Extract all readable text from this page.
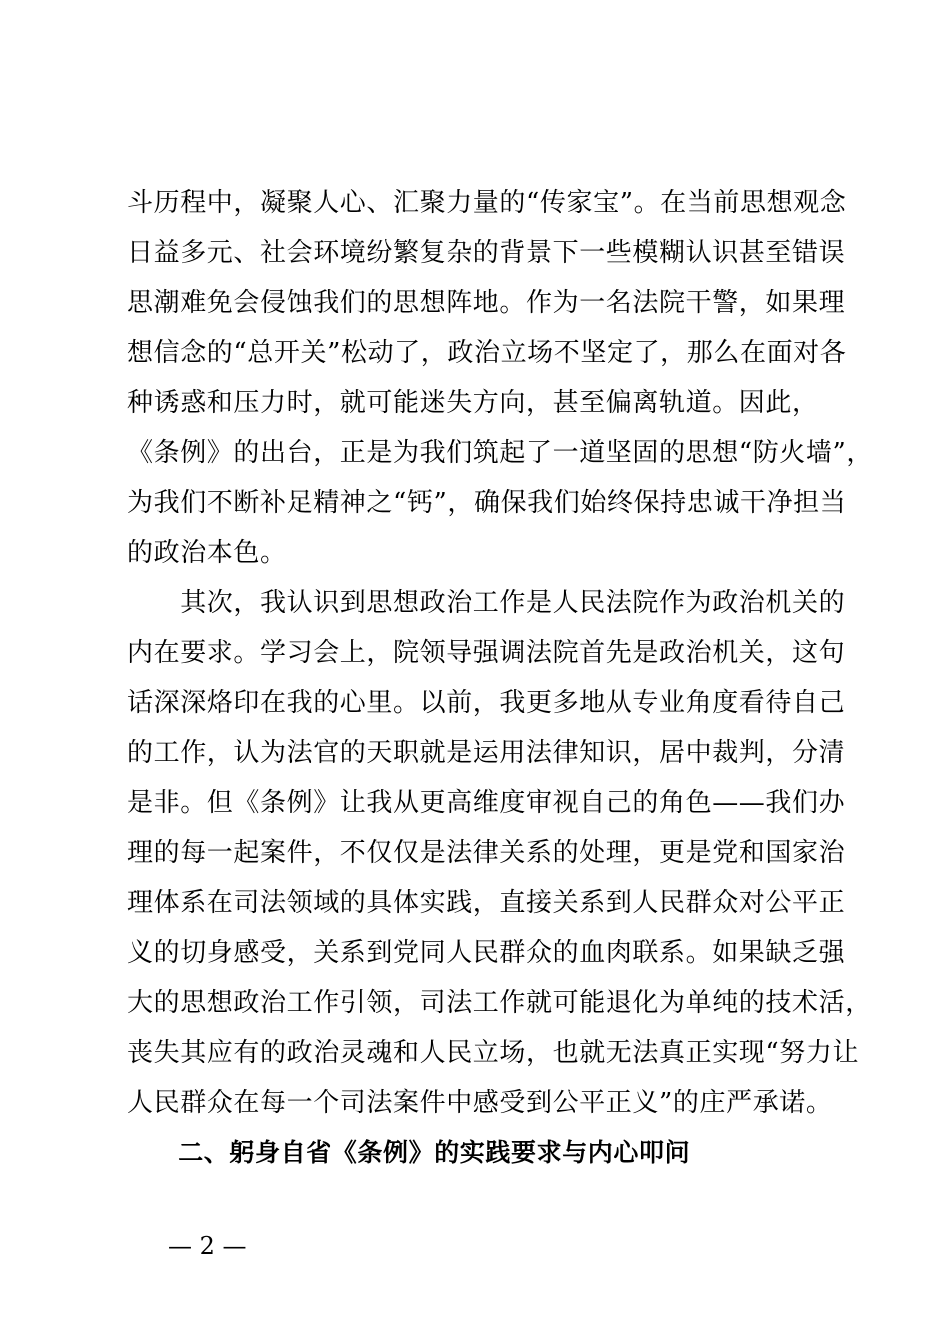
斗历程中，凝聚人心、汇聚力量的“传家宝”。在当前思想观念
日益多元、社会环境纷繁复杂的背景下一些模糊认识甚至错误
思潮难免会侵蚀我们的思想阵地。作为一名法院干警，如果理
想信念的“总开关”松动了，政治立场不坚定了，那么在面对各
种诱惑和压力时，就可能迷失方向，甚至偏离轨道。因此，
《条例》的出台，正是为我们筑起了一道坚固的思想“防火墙”，
为我们不断补足精神之“钙”，确保我们始终保持忠诚干净担当
的政治本色。
　　其次，我认识到思想政治工作是人民法院作为政治机关的
内在要求。学习会上，院领导强调法院首先是政治机关，这句
话深深烙印在我的心里。以前，我更多地从专业角度看待自己
的工作，认为法官的天职就是运用法律知识，居中裁判，分清
是非。但《条例》让我从更高维度审视自己的角色——我们办
理的每一起案件，不仅仅是法律关系的处理，更是党和国家治
理体系在司法领域的具体实践，直接关系到人民群众对公平正
义的切身感受，关系到党同人民群众的血肉联系。如果缺乏强
大的思想政治工作引领，司法工作就可能退化为单纯的技术活，
丧失其应有的政治灵魂和人民立场，也就无法真正实现“努力让
人民群众在每一个司法案件中感受到公平正义”的庄严承诺。
　　二、躬身自省《条例》的实践要求与内心叩问
— 2 —
